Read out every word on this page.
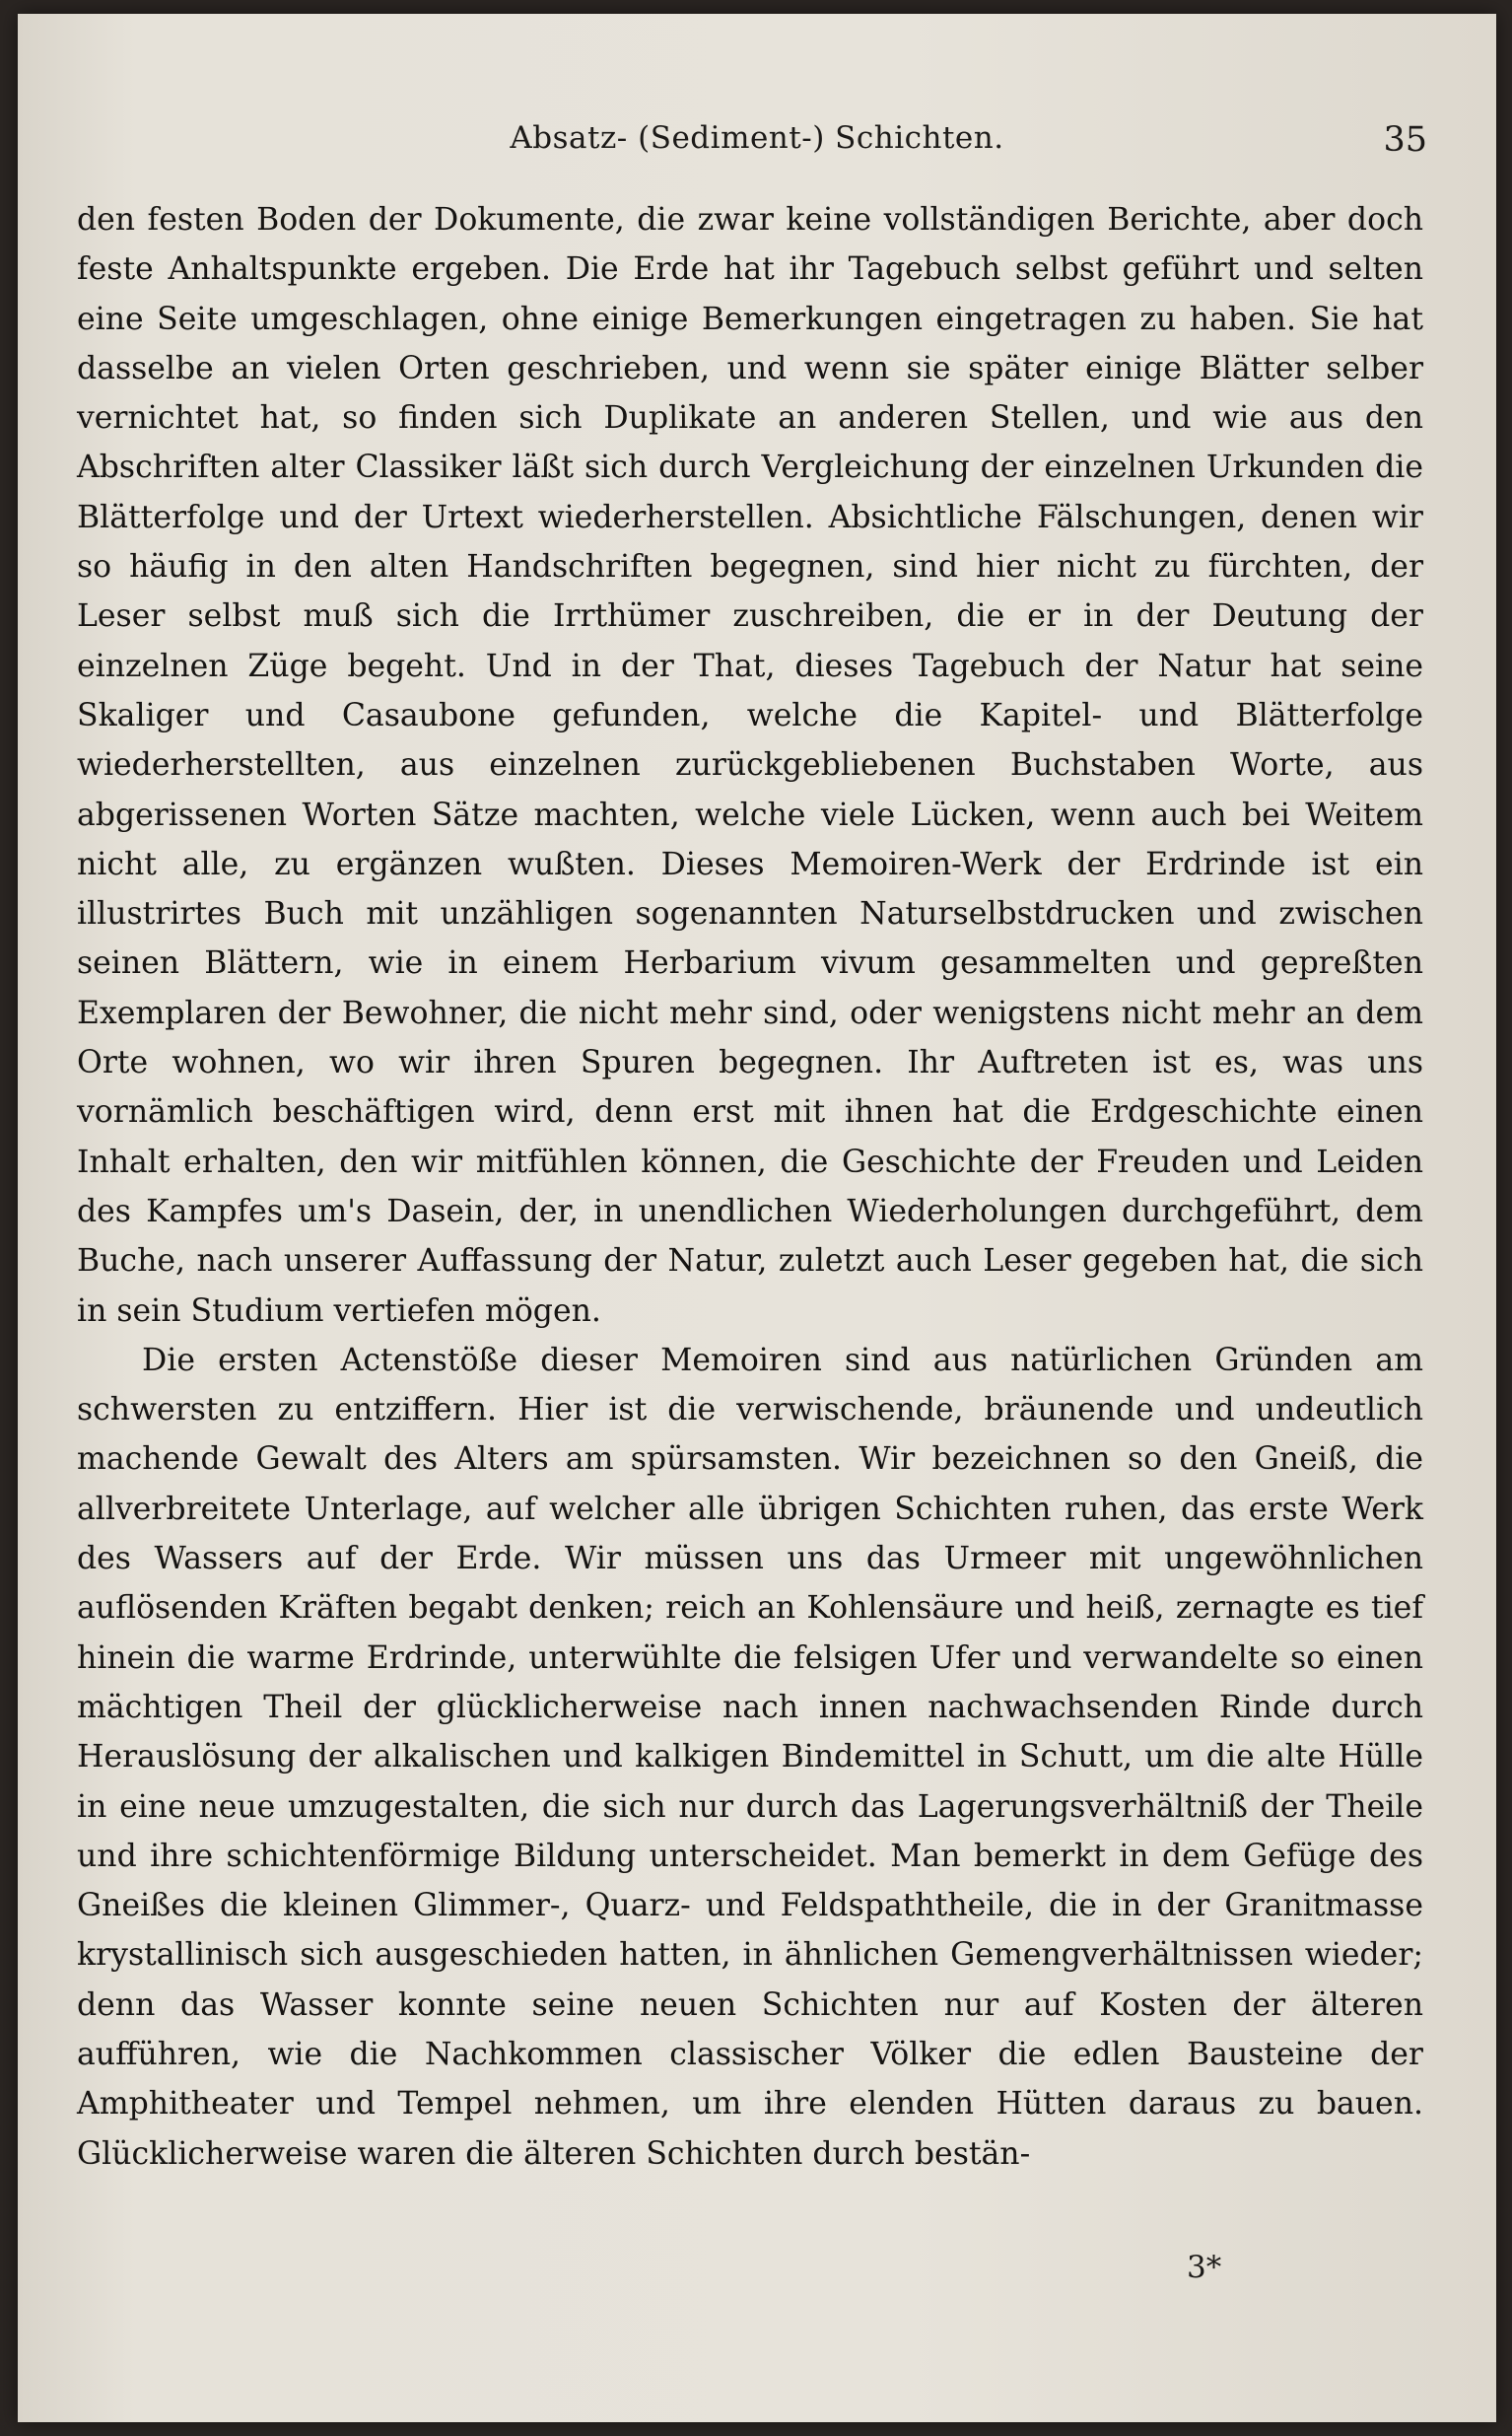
Absatz- (Sediment-) Schichten.	35

den festen Boden der Dokumente, die zwar keine vollständigen Berichte, aber doch feste Anhaltspunkte ergeben. Die Erde hat ihr Tagebuch selbst geführt und selten eine Seite umgeschlagen, ohne einige Bemerkungen eingetragen zu haben. Sie hat dasselbe an vielen Orten geschrieben, und wenn sie später einige Blätter selber vernichtet hat, so finden sich Duplikate an anderen Stellen, und wie aus den Abschriften alter Classiker läßt sich durch Vergleichung der einzelnen Urkunden die Blätterfolge und der Urtext wiederherstellen. Absichtliche Fälschungen, denen wir so häufig in den alten Handschriften begegnen, sind hier nicht zu fürchten, der Leser selbst muß sich die Irrthümer zuschreiben, die er in der Deutung der einzelnen Züge begeht. Und in der That, dieses Tagebuch der Natur hat seine Skaliger und Casaubone gefunden, welche die Kapitel- und Blätterfolge wiederherstellten, aus einzelnen zurückgebliebenen Buchstaben Worte, aus abgerissenen Worten Sätze machten, welche viele Lücken, wenn auch bei Weitem nicht alle, zu ergänzen wußten. Dieses Memoiren-Werk der Erdrinde ist ein illustrirtes Buch mit unzähligen sogenannten Naturselbstdrucken und zwischen seinen Blättern, wie in einem Herbarium vivum gesammelten und gepreßten Exemplaren der Bewohner, die nicht mehr sind, oder wenigstens nicht mehr an dem Orte wohnen, wo wir ihren Spuren begegnen. Ihr Auftreten ist es, was uns vornämlich beschäftigen wird, denn erst mit ihnen hat die Erdgeschichte einen Inhalt erhalten, den wir mitfühlen können, die Geschichte der Freuden und Leiden des Kampfes um's Dasein, der, in unendlichen Wiederholungen durchgeführt, dem Buche, nach unserer Auffassung der Natur, zuletzt auch Leser gegeben hat, die sich in sein Studium vertiefen mögen.

Die ersten Actenstöße dieser Memoiren sind aus natürlichen Gründen am schwersten zu entziffern. Hier ist die verwischende, bräunende und undeutlich machende Gewalt des Alters am spürsamsten. Wir bezeichnen so den Gneiß, die allverbreitete Unterlage, auf welcher alle übrigen Schichten ruhen, das erste Werk des Wassers auf der Erde. Wir müssen uns das Urmeer mit ungewöhnlichen auflösenden Kräften begabt denken; reich an Kohlensäure und heiß, zernagte es tief hinein die warme Erdrinde, unterwühlte die felsigen Ufer und verwandelte so einen mächtigen Theil der glücklicherweise nach innen nachwachsenden Rinde durch Herauslösung der alkalischen und kalkigen Bindemittel in Schutt, um die alte Hülle in eine neue umzugestalten, die sich nur durch das Lagerungsverhältniß der Theile und ihre schichtenförmige Bildung unterscheidet. Man bemerkt in dem Gefüge des Gneißes die kleinen Glimmer-, Quarz- und Feldspaththeile, die in der Granitmasse krystallinisch sich ausgeschieden hatten, in ähnlichen Gemengverhältnissen wieder; denn das Wasser konnte seine neuen Schichten nur auf Kosten der älteren aufführen, wie die Nachkommen classischer Völker die edlen Bausteine der Amphitheater und Tempel nehmen, um ihre elenden Hütten daraus zu bauen. Glücklicherweise waren die älteren Schichten durch bestän-

3*
